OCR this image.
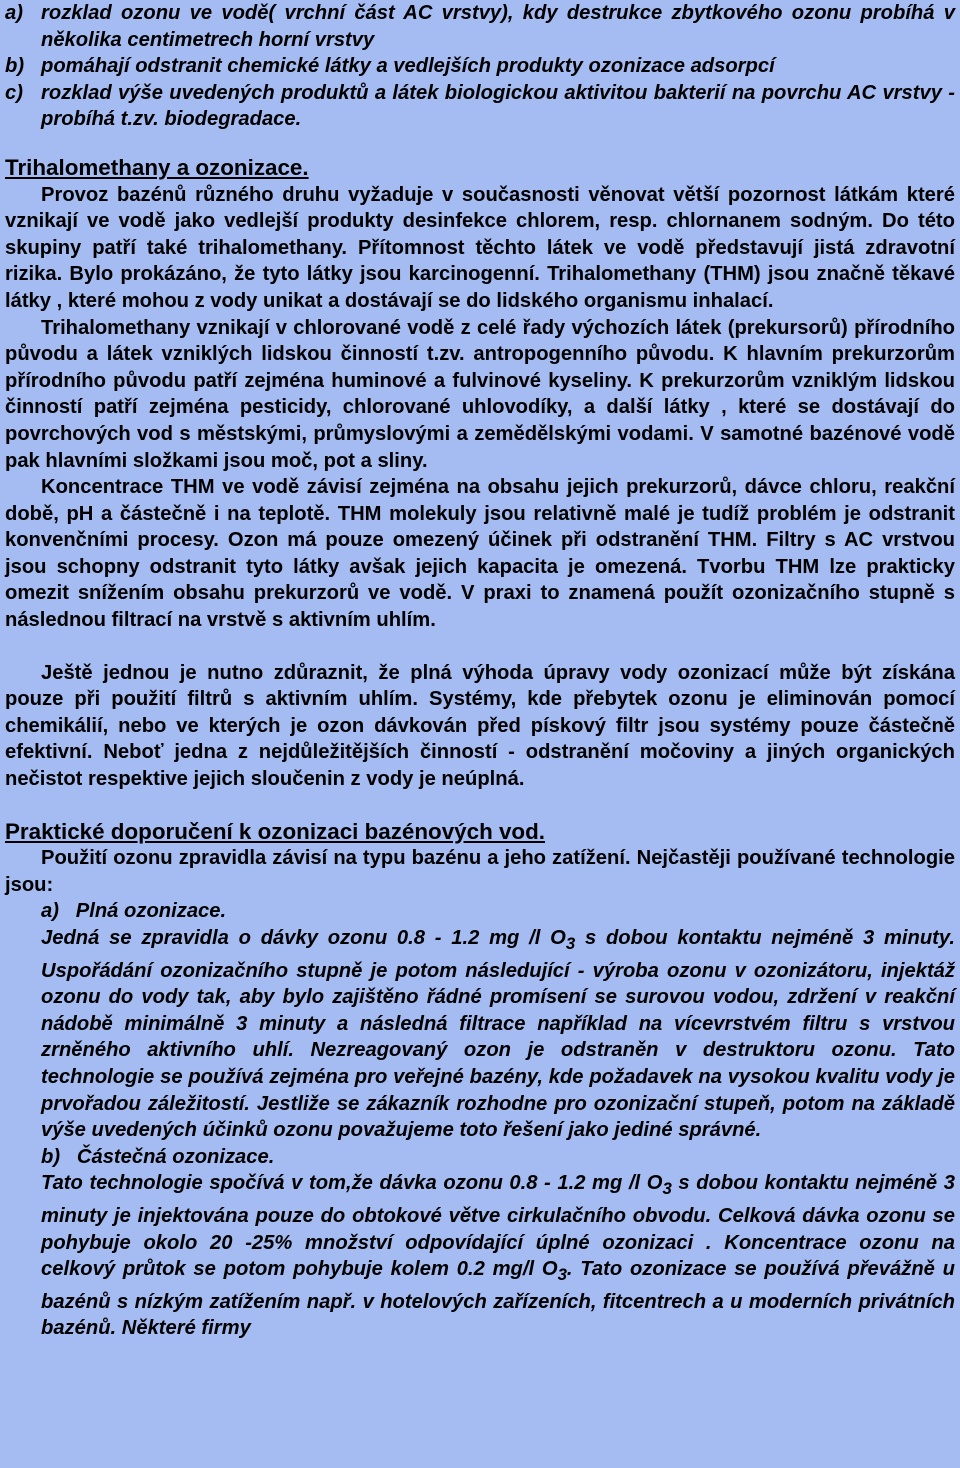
a) rozklad ozonu ve vodě( vrchní část AC vrstvy), kdy destrukce zbytkového ozonu probíhá v několika centimetrech horní vrstvy
b) pomáhají odstranit chemické látky a vedlejších produkty ozonizace adsorpcí
c) rozklad výše uvedených produktů a látek biologickou aktivitou bakterií na povrchu AC vrstvy - probíhá t.zv. biodegradace.
Trihalomethany a ozonizace.

Provoz bazénů různého druhu vyžaduje v současnosti věnovat větší pozornost látkám které vznikají ve vodě jako vedlejší produkty desinfekce chlorem, resp. chlornanem sodným. Do této skupiny patří také trihalomethany. Přítomnost těchto látek ve vodě představují jistá zdravotní rizika. Bylo prokázáno, že tyto látky jsou karcinogenní. Trihalomethany (THM) jsou značně těkavé látky , které mohou z vody unikat a dostávají se do lidského organismu inhalací.

Trihalomethany vznikají v chlorované vodě z celé řady výchozích látek (prekursorů) přírodního původu a látek vzniklých lidskou činností t.zv. antropogenního původu. K hlavním prekurzorům přírodního původu patří zejména huminové a fulvinové kyseliny. K prekurzorům vzniklým lidskou činností patří zejména pesticidy, chlorované uhlovodíky, a další látky , které se dostávají do povrchových vod s městskými, průmyslovými a zemědělskými vodami. V samotné bazénové vodě pak hlavními složkami jsou moč, pot a sliny.

Koncentrace THM ve vodě závisí zejména na obsahu jejich prekurzorů, dávce chloru, reakční době, pH a částečně i na teplotě. THM molekuly jsou relativně malé je tudíž problém je odstranit konvenčními procesy. Ozon má pouze omezený účinek při odstranění THM. Filtry s AC vrstvou jsou schopny odstranit tyto látky avšak jejich kapacita je omezená. Tvorbu THM lze prakticky omezit snížením obsahu prekurzorů ve vodě. V praxi to znamená použít ozonizačního stupně s následnou filtrací na vrstvě s aktivním uhlím.

Ještě jednou je nutno zdůraznit, že plná výhoda úpravy vody ozonizací může být získána pouze při použití filtrů s aktivním uhlím. Systémy, kde přebytek ozonu je eliminován pomocí chemikálií, nebo ve kterých je ozon dávkován před pískový filtr jsou systémy pouze částečně efektivní. Neboť jedna z nejdůležitějších činností - odstranění močoviny a jiných organických nečistot respektive jejich sloučenin z vody je neúplná.

Praktické doporučení k ozonizaci bazénových vod.

Použití ozonu zpravidla závisí na typu bazénu a jeho zatížení. Nejčastěji používané technologie jsou:

a) Plná ozonizace.

Jedná se zpravidla o dávky ozonu 0.8 - 1.2 mg /l $O_3$ s dobou kontaktu nejméně 3 minuty. Uspořádání ozonizačního stupně je potom následující - výroba ozonu v ozonizátoru, injektáž ozonu do vody tak, aby bylo zajištěno řádné promísení se surovou vodou, zdržení v reakční nádobě minimálně 3 minuty a následná filtrace například na vícevrstvém filtru s vrstvou zrněného aktivního uhlí. Nezreagovaný ozon je odstraněn v destruktoru ozonu. Tato technologie se používá zejména pro veřejné bazény, kde požadavek na vysokou kvalitu vody je prvořadou záležitostí. Jestliže se zákazník rozhodne pro ozonizační stupeň, potom na základě výše uvedených účinků ozonu považujeme toto řešení jako jediné správné.

b) Částečná ozonizace.

Tato technologie spočívá v tom,že dávka ozonu 0.8 - 1.2 mg /l $O_3$ s dobou kontaktu nejméně 3 minuty je injektována pouze do obtokové větve cirkulačního obvodu. Celková dávka ozonu se pohybuje okolo 20 -25% množství odpovídající úplné ozonizaci . Koncentrace ozonu na celkový průtok se potom pohybuje kolem 0.2 mg/l $O_3$. Tato ozonizace se používá převážně u bazénů s nízkým zatížením např. v hotelových zařízeních, fitcentrech a u moderních privátních bazénů. Některé firmy
